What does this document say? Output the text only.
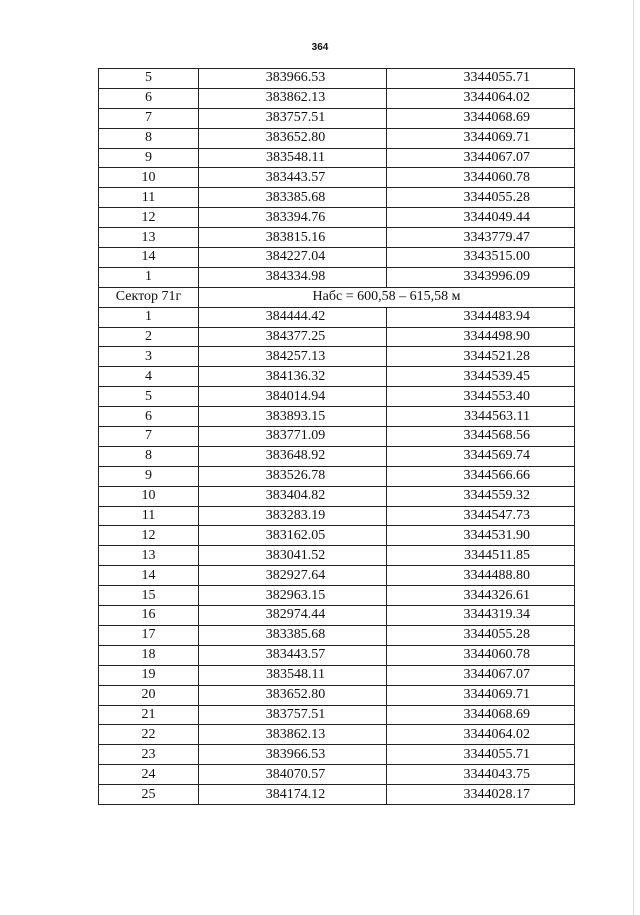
364
5	383966.53	3344055.71
6	383862.13	3344064.02
7	383757.51	3344068.69
8	383652.80	3344069.71
9	383548.11	3344067.07
10	383443.57	3344060.78
11	383385.68	3344055.28
12	383394.76	3344049.44
13	383815.16	3343779.47
14	384227.04	3343515.00
1	384334.98	3343996.09
Сектор 71г	Набс = 600,58 – 615,58 м	
1	384444.42	3344483.94
2	384377.25	3344498.90
3	384257.13	3344521.28
4	384136.32	3344539.45
5	384014.94	3344553.40
6	383893.15	3344563.11
7	383771.09	3344568.56
8	383648.92	3344569.74
9	383526.78	3344566.66
10	383404.82	3344559.32
11	383283.19	3344547.73
12	383162.05	3344531.90
13	383041.52	3344511.85
14	382927.64	3344488.80
15	382963.15	3344326.61
16	382974.44	3344319.34
17	383385.68	3344055.28
18	383443.57	3344060.78
19	383548.11	3344067.07
20	383652.80	3344069.71
21	383757.51	3344068.69
22	383862.13	3344064.02
23	383966.53	3344055.71
24	384070.57	3344043.75
25	384174.12	3344028.17
